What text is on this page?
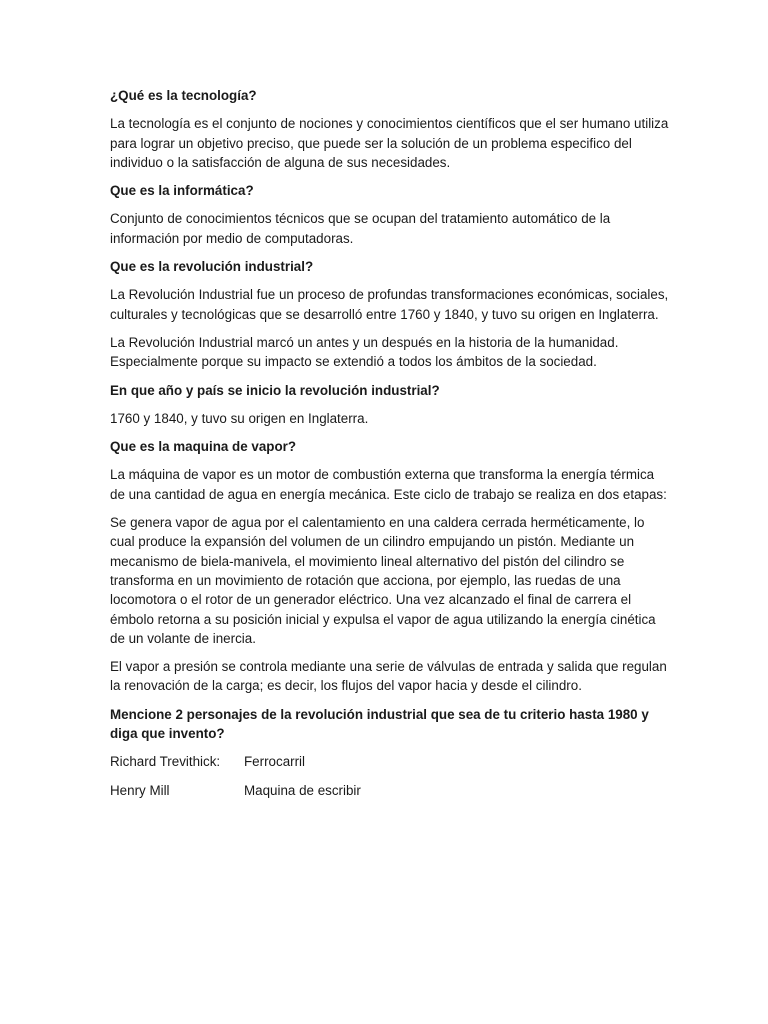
¿Qué es la tecnología?
La tecnología es el conjunto de nociones y conocimientos científicos que el ser humano utiliza para lograr un objetivo preciso, que puede ser la solución de un problema especifico del individuo o la satisfacción de alguna de sus necesidades.
Que es la informática?
Conjunto de conocimientos técnicos que se ocupan del tratamiento automático de la información por medio de computadoras.
Que es la revolución industrial?
La Revolución Industrial fue un proceso de profundas transformaciones económicas, sociales, culturales y tecnológicas que se desarrolló entre 1760 y 1840, y tuvo su origen en Inglaterra.
La Revolución Industrial marcó un antes y un después en la historia de la humanidad. Especialmente porque su impacto se extendió a todos los ámbitos de la sociedad.
En que año y país se inicio la revolución industrial?
1760 y 1840, y tuvo su origen en Inglaterra.
Que es la maquina de vapor?
La máquina de vapor es un motor de combustión externa que transforma la energía térmica de una cantidad de agua en energía mecánica. Este ciclo de trabajo se realiza en dos etapas:
Se genera vapor de agua por el calentamiento en una caldera cerrada herméticamente, lo cual produce la expansión del volumen de un cilindro empujando un pistón. Mediante un mecanismo de biela-manivela, el movimiento lineal alternativo del pistón del cilindro se transforma en un movimiento de rotación que acciona, por ejemplo, las ruedas de una locomotora o el rotor de un generador eléctrico. Una vez alcanzado el final de carrera el émbolo retorna a su posición inicial y expulsa el vapor de agua utilizando la energía cinética de un volante de inercia.
El vapor a presión se controla mediante una serie de válvulas de entrada y salida que regulan la renovación de la carga; es decir, los flujos del vapor hacia y desde el cilindro.
Mencione 2 personajes de la revolución industrial que sea de tu criterio hasta 1980 y diga que invento?
Richard Trevithick:	Ferrocarril
Henry Mill	Maquina de escribir
